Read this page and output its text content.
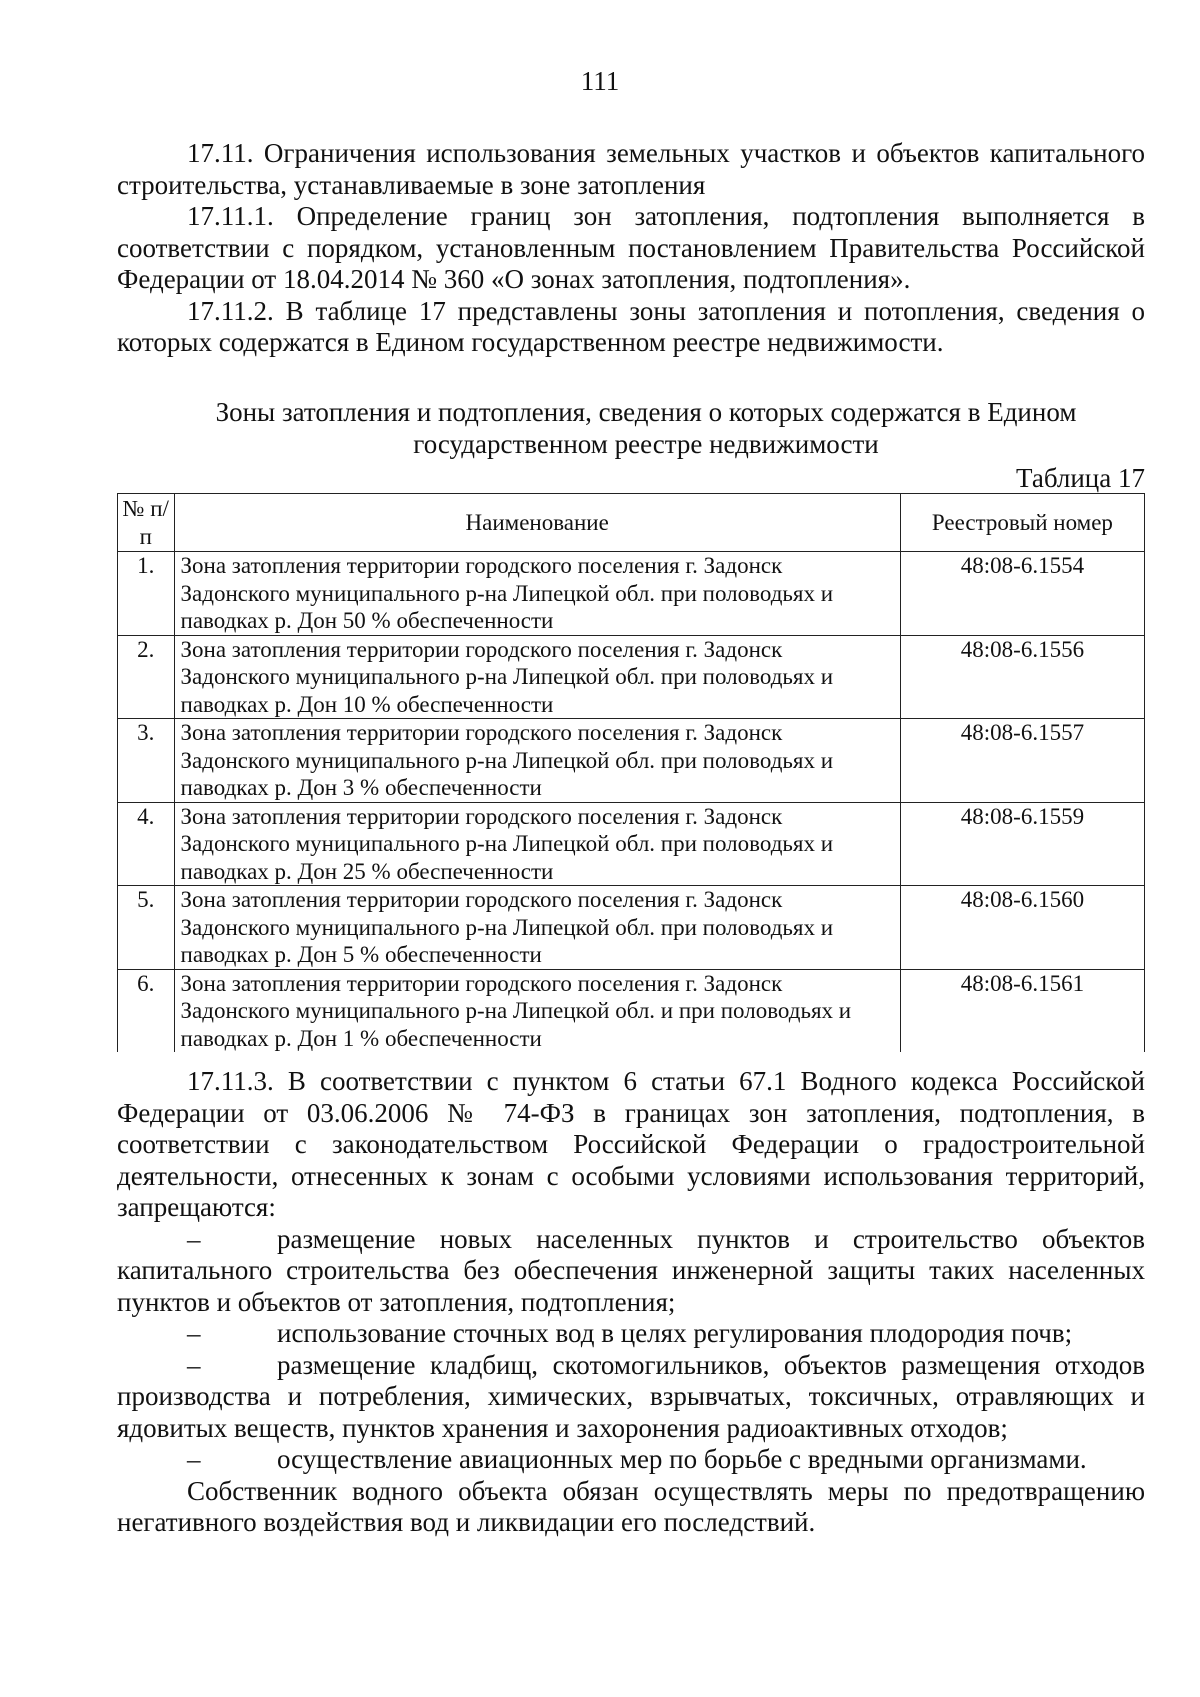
111

17.11. Ограничения использования земельных участков и объектов капитального строительства, устанавливаемые в зоне затопления

17.11.1. Определение границ зон затопления, подтопления выполняется в соответствии с порядком, установленным постановлением Правительства Российской Федерации от 18.04.2014 № 360 «О зонах затопления, подтопления».

17.11.2. В таблице 17 представлены зоны затопления и потопления, сведения о которых содержатся в Едином государственном реестре недвижимости.

Зоны затопления и подтопления, сведения о которых содержатся в Едином государственном реестре недвижимости
Таблица 17
№ п/п	Наименование	Реестровый номер
1.	Зона затопления территории городского поселения г. Задонск Задонского муниципального р-на Липецкой обл. при половодьях и паводках р. Дон 50 % обеспеченности	48:08-6.1554
2.	Зона затопления территории городского поселения г. Задонск Задонского муниципального р-на Липецкой обл. при половодьях и паводках р. Дон 10 % обеспеченности	48:08-6.1556
3.	Зона затопления территории городского поселения г. Задонск Задонского муниципального р-на Липецкой обл. при половодьях и паводках р. Дон 3 % обеспеченности	48:08-6.1557
4.	Зона затопления территории городского поселения г. Задонск Задонского муниципального р-на Липецкой обл. при половодьях и паводках р. Дон 25 % обеспеченности	48:08-6.1559
5.	Зона затопления территории городского поселения г. Задонск Задонского муниципального р-на Липецкой обл. при половодьях и паводках р. Дон 5 % обеспеченности	48:08-6.1560
6.	Зона затопления территории городского поселения г. Задонск Задонского муниципального р-на Липецкой обл. и при половодьях и паводках р. Дон 1 % обеспеченности	48:08-6.1561

17.11.3. В соответствии с пунктом 6 статьи 67.1 Водного кодекса Российской Федерации от 03.06.2006 № 74-ФЗ в границах зон затопления, подтопления, в соответствии с законодательством Российской Федерации о градостроительной деятельности, отнесенных к зонам с особыми условиями использования территорий, запрещаются:

–	размещение новых населенных пунктов и строительство объектов капитального строительства без обеспечения инженерной защиты таких населенных пунктов и объектов от затопления, подтопления;

–	использование сточных вод в целях регулирования плодородия почв;

–	размещение кладбищ, скотомогильников, объектов размещения отходов производства и потребления, химических, взрывчатых, токсичных, отравляющих и ядовитых веществ, пунктов хранения и захоронения радиоактивных отходов;

–	осуществление авиационных мер по борьбе с вредными организмами.

Собственник водного объекта обязан осуществлять меры по предотвращению негативного воздействия вод и ликвидации его последствий.
